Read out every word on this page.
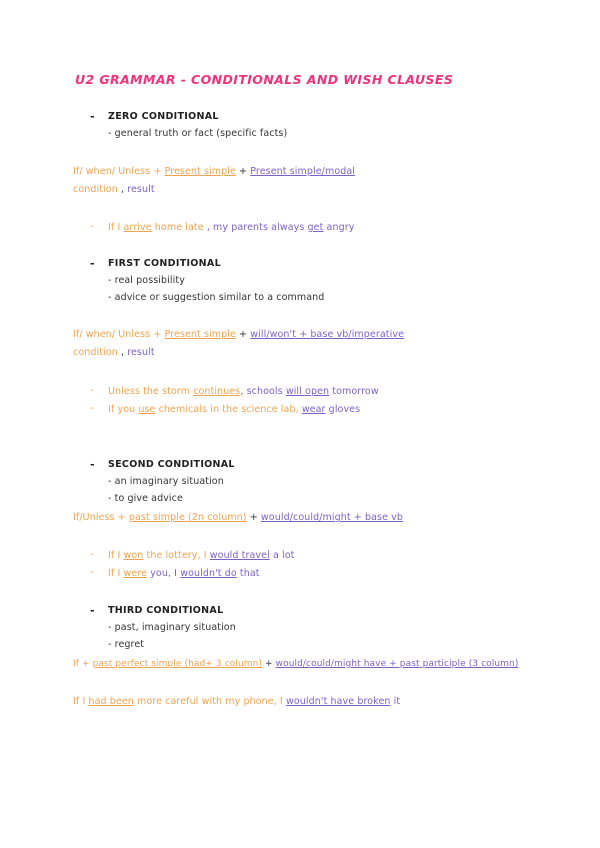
U2 GRAMMAR - CONDITIONALS AND WISH CLAUSES
- ZERO CONDITIONAL
- general truth or fact (specific facts)
If/ when/ Unless + Present simple + Present simple/modal
condition , result
- If I arrive home late , my parents always get angry
- FIRST CONDITIONAL
- real possibility
- advice or suggestion similar to a command
If/ when/ Unless + Present simple + will/won't + base vb/imperative
condition , result
- Unless the storm continues, schools will open tomorrow
- If you use chemicals in the science lab, wear gloves
- SECOND CONDITIONAL
- an imaginary situation
- to give advice
If/Unless + past simple (2n column) + would/could/might + base vb
- If I won the lottery, I would travel a lot
- If I were you, I wouldn't do that
- THIRD CONDITIONAL
- past, imaginary situation
- regret
If + past perfect simple (had+ 3 column) + would/could/might have + past participle (3 column)
If I had been more careful with my phone, I wouldn't have broken it
